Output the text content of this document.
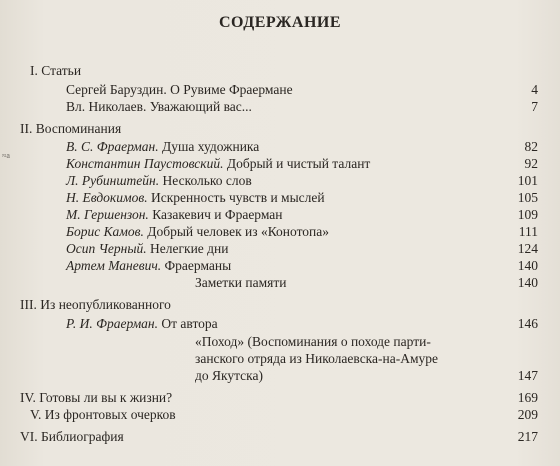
≈a
СОДЕРЖАНИЕ
I. Статьи
Сергей Баруздин. О Рувиме Фраермане	4
Вл. Николаев. Уважающий вас...	7
II. Воспоминания
В. С. Фраерман. Душа художника	82
Константин Паустовский. Добрый и чистый талант	92
Л. Рубинштейн. Несколько слов	101
Н. Евдокимов. Искренность чувств и мыслей	105
М. Гершензон. Казакевич и Фраерман	109
Борис Камов. Добрый человек из «Конотопа»	111
Осип Черный. Нелегкие дни	124
Артем Маневич. Фраерманы	140
Заметки памяти	140
III. Из неопубликованного
Р. И. Фраерман. От автора	146
«Поход» (Воспоминания о походе парти-
занского отряда из Николаевска-на-Амуре
до Якутска)	147
IV. Готовы ли вы к жизни?	169
V. Из фронтовых очерков	209
VI. Библиография	217
